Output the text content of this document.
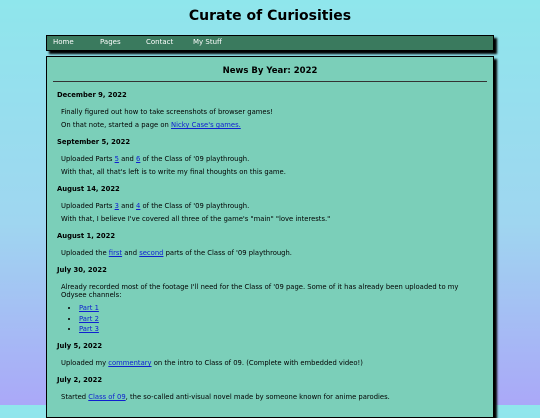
Curate of Curiosities
Home	Pages	Contact	My Stuff
News By Year: 2022
December 9, 2022
Finally figured out how to take screenshots of browser games!
On that note, started a page on Nicky Case's games.
September 5, 2022
Uploaded Parts 5 and 6 of the Class of '09 playthrough.
With that, all that's left is to write my final thoughts on this game.
August 14, 2022
Uploaded Parts 3 and 4 of the Class of '09 playthrough.
With that, I believe I've covered all three of the game's "main" "love interests."
August 1, 2022
Uploaded the first and second parts of the Class of '09 playthrough.
July 30, 2022
Already recorded most of the footage I'll need for the Class of '09 page. Some of it has already been uploaded to my Odysee channels:
• Part 1
• Part 2
• Part 3
July 5, 2022
Uploaded my commentary on the intro to Class of 09. (Complete with embedded video!)
July 2, 2022
Started Class of 09, the so-called anti-visual novel made by someone known for anime parodies.
